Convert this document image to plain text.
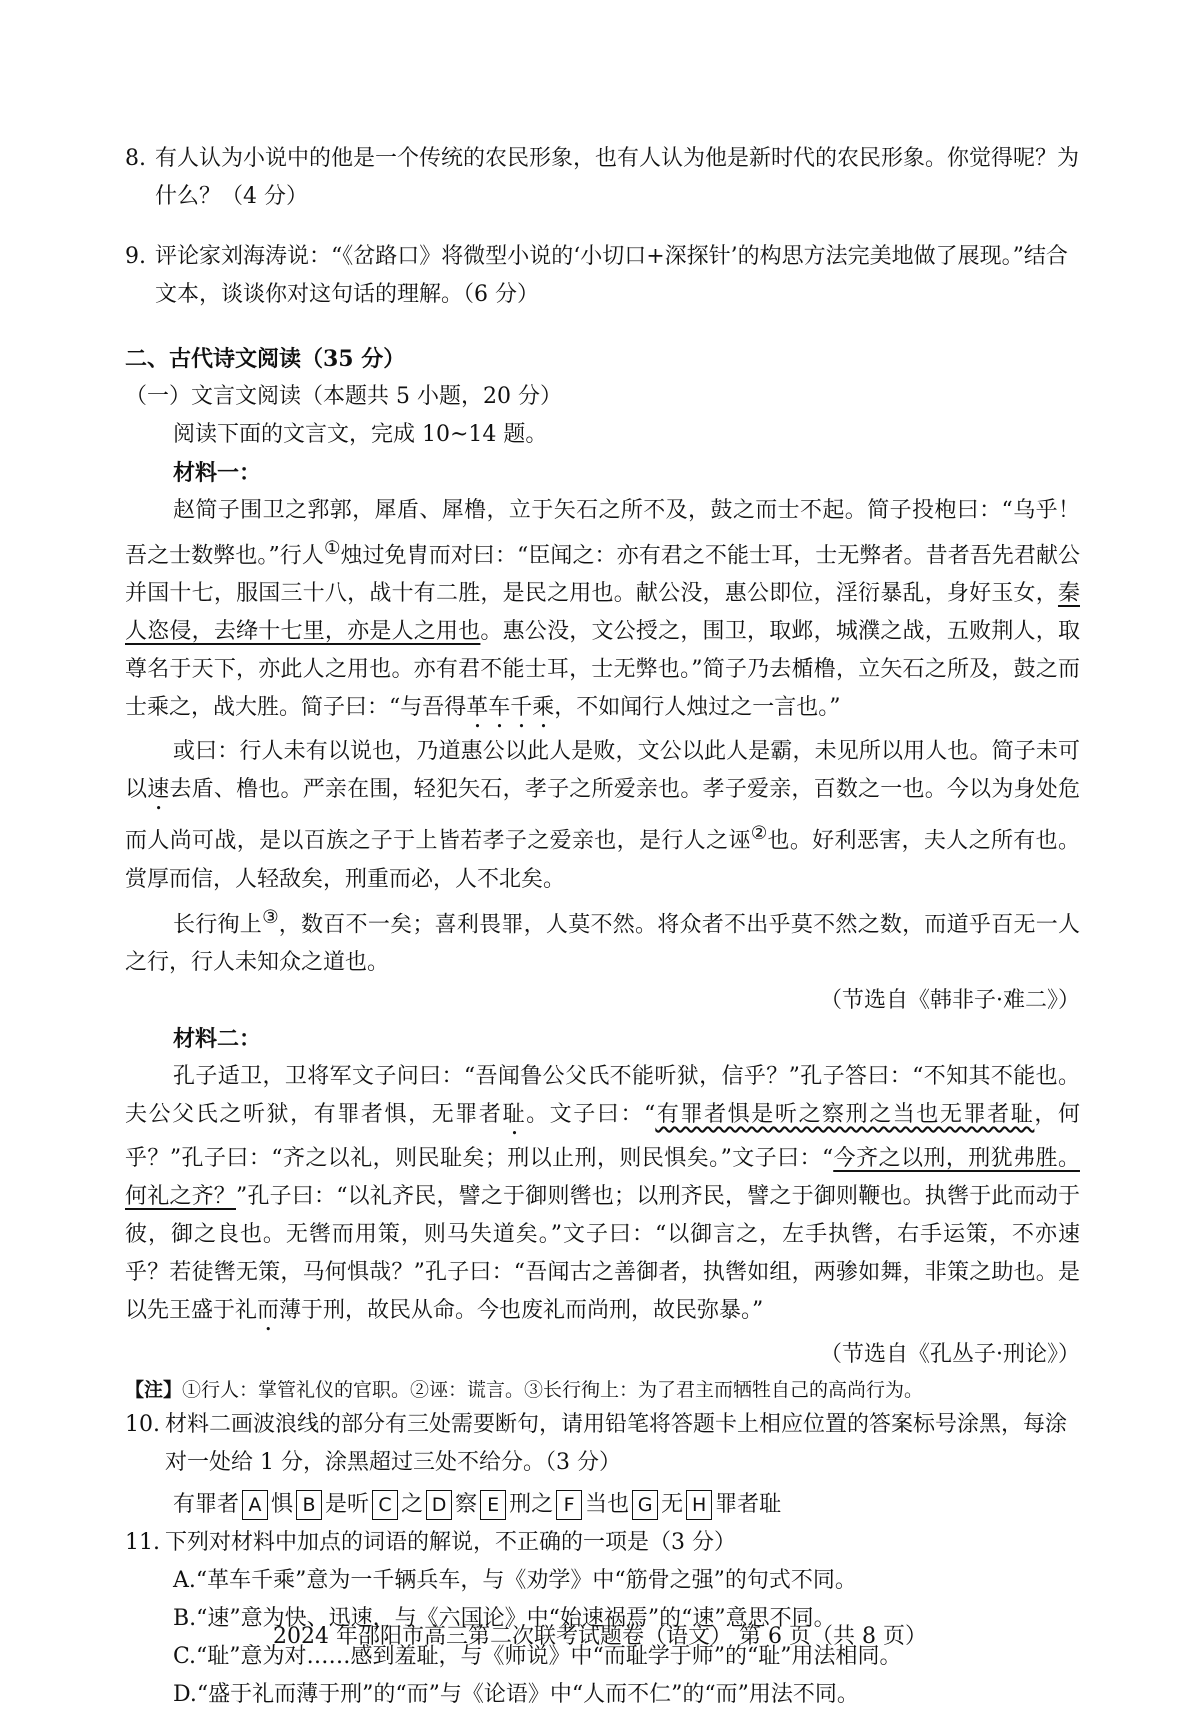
8. 有人认为小说中的他是一个传统的农民形象，也有人认为他是新时代的农民形象。你觉得呢？为什么？（4 分）
9. 评论家刘海涛说：“《岔路口》将微型小说的‘小切口+深探针’的构思方法完美地做了展现。”结合文本，谈谈你对这句话的理解。（6 分）
二、古代诗文阅读（35 分）
（一）文言文阅读（本题共 5 小题，20 分）
阅读下面的文言文，完成 10~14 题。
材料一：
赵简子围卫之郛郭，犀盾、犀橹，立于矢石之所不及，鼓之而士不起。简子投枹曰：“乌乎！吾之士数弊也。”行人①烛过免胄而对曰：“臣闻之：亦有君之不能士耳，士无弊者。昔者吾先君献公并国十七，服国三十八，战十有二胜，是民之用也。献公没，惠公即位，淫衍暴乱，身好玉女，秦人恣侵，去绛十七里，亦是人之用也。惠公没，文公授之，围卫，取邺，城濮之战，五败荆人，取尊名于天下，亦此人之用也。亦有君不能士耳，士无弊也。”简子乃去楯橹，立矢石之所及，鼓之而士乘之，战大胜。简子曰：“与吾得革车千乘，不如闻行人烛过之一言也。”
或曰：行人未有以说也，乃道惠公以此人是败，文公以此人是霸，未见所以用人也。简子未可以速去盾、橹也。严亲在围，轻犯矢石，孝子之所爱亲也。孝子爱亲，百数之一也。今以为身处危而人尚可战，是以百族之子于上皆若孝子之爱亲也，是行人之诬②也。好利恶害，夫人之所有也。赏厚而信，人轻敌矣，刑重而必，人不北矣。
长行徇上③，数百不一矣；喜利畏罪，人莫不然。将众者不出乎莫不然之数，而道乎百无一人之行，行人未知众之道也。
（节选自《韩非子·难二》）
材料二：
孔子适卫，卫将军文子问曰：“吾闻鲁公父氏不能听狱，信乎？”孔子答曰：“不知其不能也。夫公父氏之听狱，有罪者惧，无罪者耻。文子曰：“有罪者惧是听之察刑之当也无罪者耻，何乎？”孔子曰：“齐之以礼，则民耻矣；刑以止刑，则民惧矣。”文子曰：“今齐之以刑，刑犹弗胜。何礼之齐？”孔子曰：“以礼齐民，譬之于御则辔也；以刑齐民，譬之于御则鞭也。执辔于此而动于彼，御之良也。无辔而用策，则马失道矣。”文子曰：“以御言之，左手执辔，右手运策，不亦速乎？若徒辔无策，马何惧哉？”孔子曰：“吾闻古之善御者，执辔如组，两骖如舞，非策之助也。是以先王盛于礼而薄于刑，故民从命。今也废礼而尚刑，故民弥暴。”
（节选自《孔丛子·刑论》）
【注】①行人：掌管礼仪的官职。②诬：谎言。③长行徇上：为了君主而牺牲自己的高尚行为。
10. 材料二画波浪线的部分有三处需要断句，请用铅笔将答题卡上相应位置的答案标号涂黑，每涂对一处给 1 分，涂黑超过三处不给分。（3 分）
有罪者 A 惧 B 是听 C 之 D 察 E 刑之 F 当也 G 无 H 罪者耻
11. 下列对材料中加点的词语的解说，不正确的一项是（3 分）
A.“革车千乘”意为一千辆兵车，与《劝学》中“筋骨之强”的句式不同。
B.“速”意为快、迅速，与《六国论》中“始速祸焉”的“速”意思不同。
C.“耻”意为对……感到羞耻，与《师说》中“而耻学于师”的“耻”用法相同。
D.“盛于礼而薄于刑”的“而”与《论语》中“人而不仁”的“而”用法不同。
2024 年邵阳市高三第二次联考试题卷（语文） 第 6 页（共 8 页）
